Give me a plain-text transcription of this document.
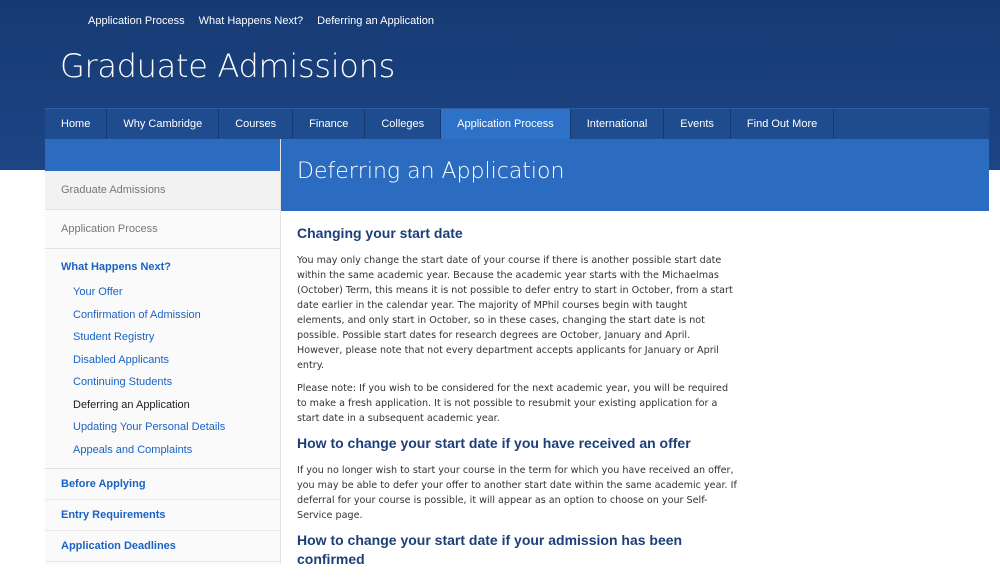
Application Process What Happens Next? Deferring an Application
Graduate Admissions
Home	Why Cambridge	Courses	Finance	Colleges	Application Process	International	Events	Find Out More
Graduate Admissions
Application Process
What Happens Next?
Your Offer
Confirmation of Admission
Student Registry
Disabled Applicants
Continuing Students
Deferring an Application
Updating Your Personal Details
Appeals and Complaints
Before Applying
Entry Requirements
Application Deadlines
Deferring an Application
Changing your start date

You may only change the start date of your course if there is another possible start date within the same academic year. Because the academic year starts with the Michaelmas (October) Term, this means it is not possible to defer entry to start in October, from a start date earlier in the calendar year. The majority of MPhil courses begin with taught elements, and only start in October, so in these cases, changing the start date is not possible. Possible start dates for research degrees are October, January and April. However, please note that not every department accepts applicants for January or April entry.

Please note: If you wish to be considered for the next academic year, you will be required to make a fresh application. It is not possible to resubmit your existing application for a start date in a subsequent academic year.

How to change your start date if you have received an offer

If you no longer wish to start your course in the term for which you have received an offer, you may be able to defer your offer to another start date within the same academic year. If deferral for your course is possible, it will appear as an option to choose on your Self-Service page.

How to change your start date if your admission has been confirmed
